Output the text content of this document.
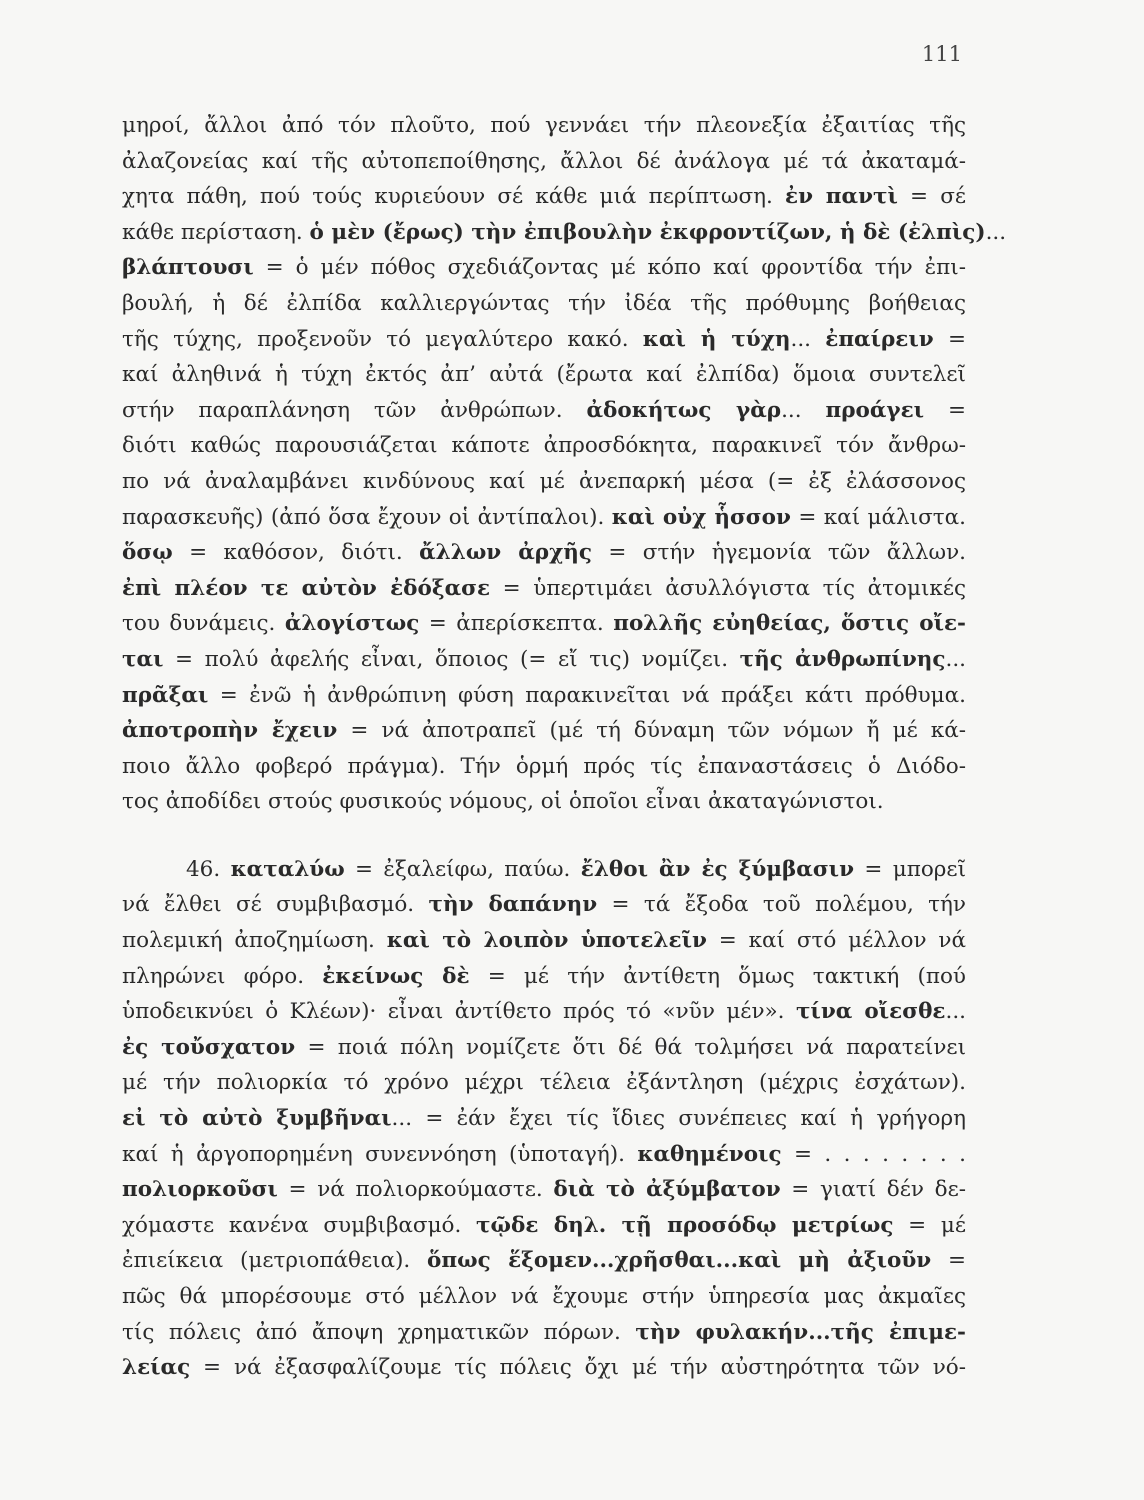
111
μηροί, ἄλλοι ἀπό τόν πλοῦτο, πού γεννάει τήν πλεονεξία ἐξαιτίας τῆς
ἀλαζονείας καί τῆς αὐτοπεποίθησης, ἄλλοι δέ ἀνάλογα μέ τά ἀκαταμά-
χητα πάθη, πού τούς κυριεύουν σέ κάθε μιά περίπτωση. ἐν παντὶ = σέ
κάθε περίσταση. ὁ μὲν (ἔρως) τὴν ἐπιβουλὴν ἐκφροντίζων, ἡ δὲ (ἐλπὶς)...
βλάπτουσι = ὁ μέν πόθος σχεδιάζοντας μέ κόπο καί φροντίδα τήν ἐπι-
βουλή, ἡ δέ ἐλπίδα καλλιεργώντας τήν ἰδέα τῆς πρόθυμης βοήθειας
τῆς τύχης, προξενοῦν τό μεγαλύτερο κακό. καὶ ἡ τύχη... ἐπαίρειν =
καί ἀληθινά ἡ τύχη ἐκτός ἀπ’ αὐτά (ἔρωτα καί ἐλπίδα) ὅμοια συντελεῖ
στήν παραπλάνηση τῶν ἀνθρώπων. ἀδοκήτως γὰρ... προάγει =
διότι καθώς παρουσιάζεται κάποτε ἀπροσδόκητα, παρακινεῖ τόν ἄνθρω-
πο νά ἀναλαμβάνει κινδύνους καί μέ ἀνεπαρκή μέσα (= ἐξ ἐλάσσονος
παρασκευῆς) (ἀπό ὅσα ἔχουν οἱ ἀντίπαλοι). καὶ οὐχ ἧσσον = καί μάλιστα.
ὅσῳ = καθόσον, διότι. ἄλλων ἀρχῆς = στήν ἡγεμονία τῶν ἄλλων.
ἐπὶ πλέον τε αὐτὸν ἐδόξασε = ὑπερτιμάει ἀσυλλόγιστα τίς ἀτομικές
του δυνάμεις. ἀλογίστως = ἀπερίσκεπτα. πολλῆς εὐηθείας, ὅστις οἴε-
ται = πολύ ἀφελής εἶναι, ὅποιος (= εἴ τις) νομίζει. τῆς ἀνθρωπίνης...
πρᾶξαι = ἐνῶ ἡ ἀνθρώπινη φύση παρακινεῖται νά πράξει κάτι πρόθυμα.
ἀποτροπὴν ἔχειν = νά ἀποτραπεῖ (μέ τή δύναμη τῶν νόμων ἤ μέ κά-
ποιο ἄλλο φοβερό πράγμα). Τήν ὁρμή πρός τίς ἐπαναστάσεις ὁ Διόδο-
τος ἀποδίδει στούς φυσικούς νόμους, οἱ ὁποῖοι εἶναι ἀκαταγώνιστοι.
46. καταλύω = ἐξαλείφω, παύω. ἔλθοι ἂν ἐς ξύμβασιν = μπορεῖ
νά ἔλθει σέ συμβιβασμό. τὴν δαπάνην = τά ἔξοδα τοῦ πολέμου, τήν
πολεμική ἀποζημίωση. καὶ τὸ λοιπὸν ὑποτελεῖν = καί στό μέλλον νά
πληρώνει φόρο. ἐκείνως δὲ = μέ τήν ἀντίθετη ὅμως τακτική (πού
ὑποδεικνύει ὁ Κλέων)· εἶναι ἀντίθετο πρός τό «νῦν μέν». τίνα οἴεσθε...
ἐς τοὔσχατον = ποιά πόλη νομίζετε ὅτι δέ θά τολμήσει νά παρατείνει
μέ τήν πολιορκία τό χρόνο μέχρι τέλεια ἐξάντληση (μέχρις ἐσχάτων).
εἰ τὸ αὐτὸ ξυμβῆναι... = ἐάν ἔχει τίς ἴδιες συνέπειες καί ἡ γρήγορη
καί ἡ ἀργοπορημένη συνεννόηση (ὑποταγή). καθημένοις = . . . . . . . .
πολιορκοῦσι = νά πολιορκούμαστε. διὰ τὸ ἀξύμβατον = γιατί δέν δε-
χόμαστε κανένα συμβιβασμό. τῷδε δηλ. τῇ προσόδῳ μετρίως = μέ
ἐπιείκεια (μετριοπάθεια). ὅπως ἕξομεν...χρῆσθαι...καὶ μὴ ἀξιοῦν =
πῶς θά μπορέσουμε στό μέλλον νά ἔχουμε στήν ὑπηρεσία μας ἀκμαῖες
τίς πόλεις ἀπό ἄποψη χρηματικῶν πόρων. τὴν φυλακήν...τῆς ἐπιμε-
λείας = νά ἐξασφαλίζουμε τίς πόλεις ὄχι μέ τήν αὐστηρότητα τῶν νό-
